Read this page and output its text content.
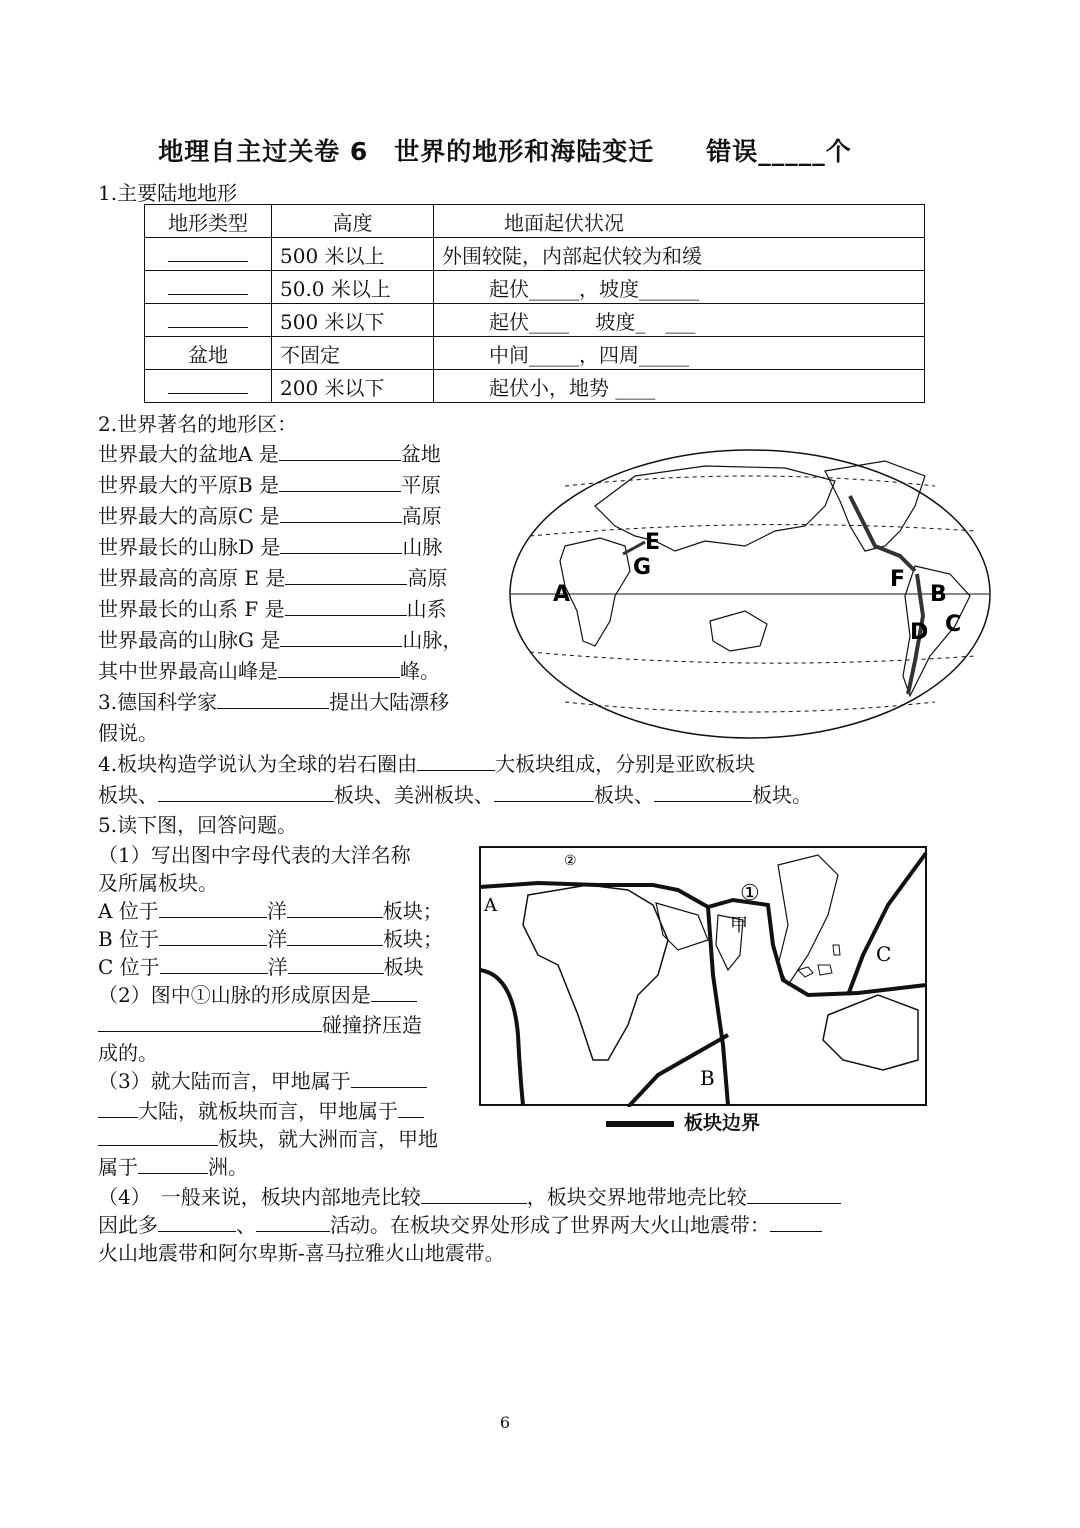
地理自主过关卷 6　世界的地形和海陆变迁　　错误_____个
1.主要陆地地形
地形类型	高度	地面起伏状况
	500 米以上	外围较陡，内部起伏较为和缓
	50.0 米以上	起伏_____，坡度______
	500 米以下	起伏____　 坡度_　___
盆地	不固定	中间_____，四周_____
	200 米以下	起伏小，地势 ____
2.世界著名的地形区：
世界最大的盆地A 是	盆地
世界最大的平原B 是	平原
世界最大的高原C 是	高原
世界最长的山脉D 是	山脉
世界最高的高原 E 是	高原
世界最长的山系 F 是	山系
世界最高的山脉G 是	山脉，
其中世界最高山峰是	峰。
A	B
C
D
E
F
G
3.德国科学家	提出大陆漂移
假说。
4.板块构造学说认为全球的岩石圈由	大板块组成，分别是亚欧板块
板块、	板块、美洲板块、	板块、	板块。
5.读下图，回答问题。
（1）写出图中字母代表的大洋名称
及所属板块。
A 位于	洋	板块；
B 位于	洋	板块；
C 位于	洋	板块
（2）图中①山脉的形成原因是
碰撞挤压造
成的。
（3）就大陆而言，甲地属于
大陆，就板块而言，甲地属于
板块，就大洲而言，甲地
属于	洲。
（4）　一般来说，板块内部地壳比较	，板块交界地带地壳比较
因此多	、	活动。在板块交界处形成了世界两大火山地震带：
火山地震带和阿尔卑斯-喜马拉雅火山地震带。
A
B
C
①
②
甲
板块边界
6
